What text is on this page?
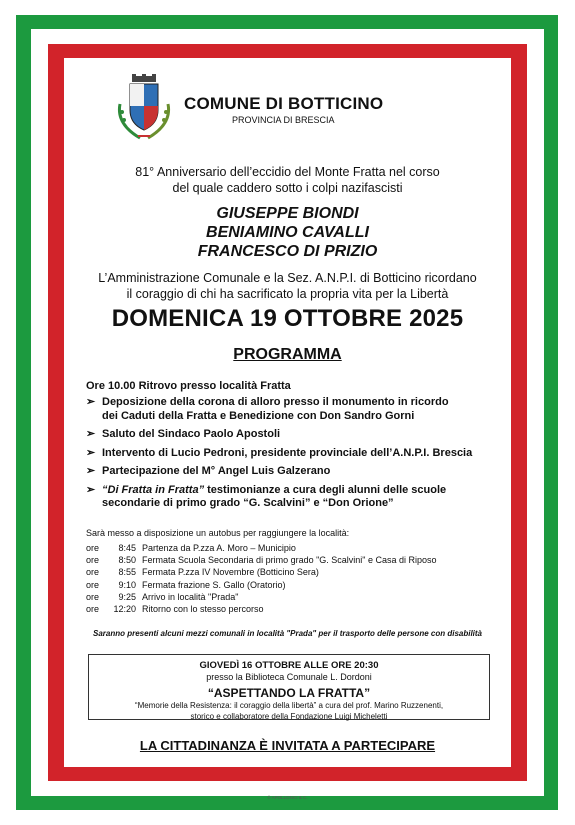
COMUNE DI BOTTICINO
PROVINCIA DI BRESCIA
81° Anniversario dell’eccidio del Monte Fratta nel corso
del quale caddero sotto i colpi nazifascisti
GIUSEPPE BIONDI
BENIAMINO CAVALLI
FRANCESCO DI PRIZIO
L’Amministrazione Comunale e la Sez. A.N.P.I. di Botticino ricordano
il coraggio di chi ha sacrificato la propria vita per la Libertà
DOMENICA 19 OTTOBRE 2025
PROGRAMMA
Ore 10.00 Ritrovo presso località Fratta
➢ Deposizione della corona di alloro presso il monumento in ricordo
dei Caduti della Fratta e Benedizione con Don Sandro Gorni
➢ Saluto del Sindaco Paolo Apostoli
➢ Intervento di Lucio Pedroni, presidente provinciale dell’A.N.P.I. Brescia
➢ Partecipazione del M° Angel Luis Galzerano
➢ “Di Fratta in Fratta” testimonianze a cura degli alunni delle scuole
secondarie di primo grado “G. Scalvini” e “Don Orione”
Sarà messo a disposizione un autobus per raggiungere la località:
ore 8:45 Partenza da P.zza A. Moro – Municipio
ore 8:50 Fermata Scuola Secondaria di primo grado "G. Scalvini" e Casa di Riposo
ore 8:55 Fermata P.zza IV Novembre (Botticino Sera)
ore 9:10 Fermata frazione S. Gallo (Oratorio)
ore 9:25 Arrivo in località "Prada"
ore 12:20 Ritorno con lo stesso percorso
Saranno presenti alcuni mezzi comunali in località "Prada" per il trasporto delle persone con disabilità
GIOVEDÌ 16 OTTOBRE ALLE ORE 20:30
presso la Biblioteca Comunale L. Dordoni
“ASPETTANDO LA FRATTA”
“Memorie della Resistenza: il coraggio della libertà” a cura del prof. Marino Ruzzenenti,
storico e collaboratore della Fondazione Luigi Micheletti
LA CITTADINANZA È INVITATA A PARTECIPARE
© APOLLONIO & C.
